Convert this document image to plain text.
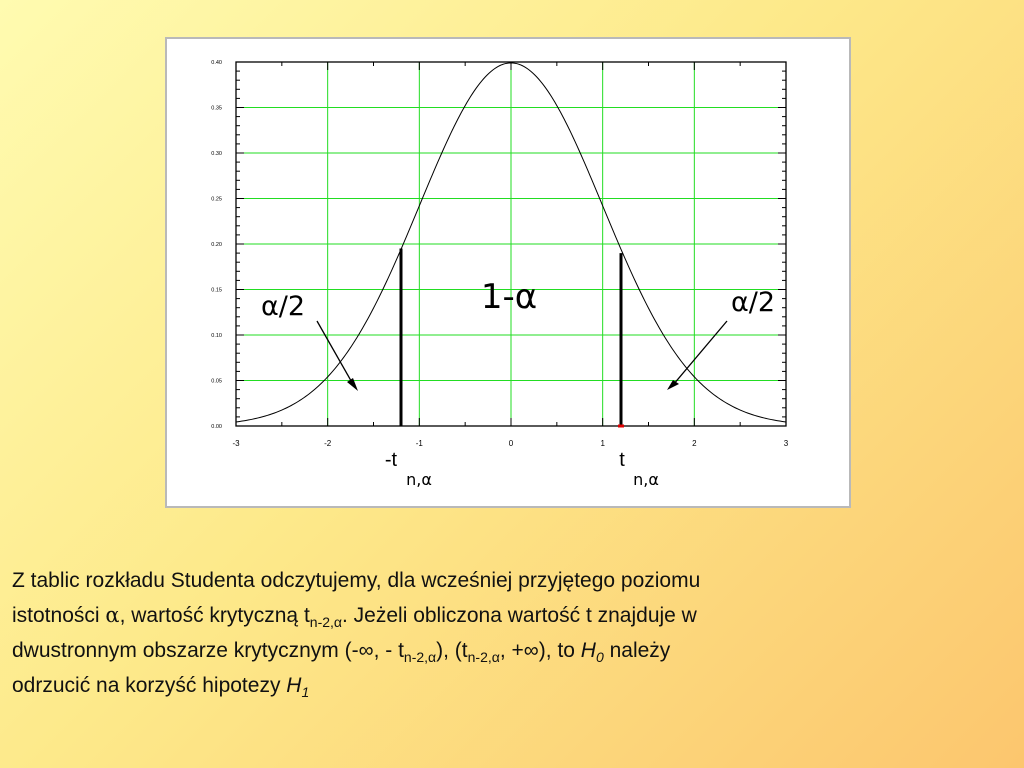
0.00
0.05
0.10
0.15
0.20
0.25
0.30
0.35
0.40
-3	-2	-1	0	1	2	3
1-α
α/2	α/2
-t
n,α
t
n,α
Z tablic rozkładu Studenta odczytujemy, dla wcześniej przyjętego poziomu
istotności α, wartość krytyczną $t_{n-2,\alpha}$. Jeżeli obliczona wartość t znajduje w
dwustronnym obszarze krytycznym (-∞, - $t_{n-2,\alpha}$), ($t_{n-2,\alpha}$, +∞), to $H_0$ należy
odrzucić na korzyść hipotezy $H_1$
